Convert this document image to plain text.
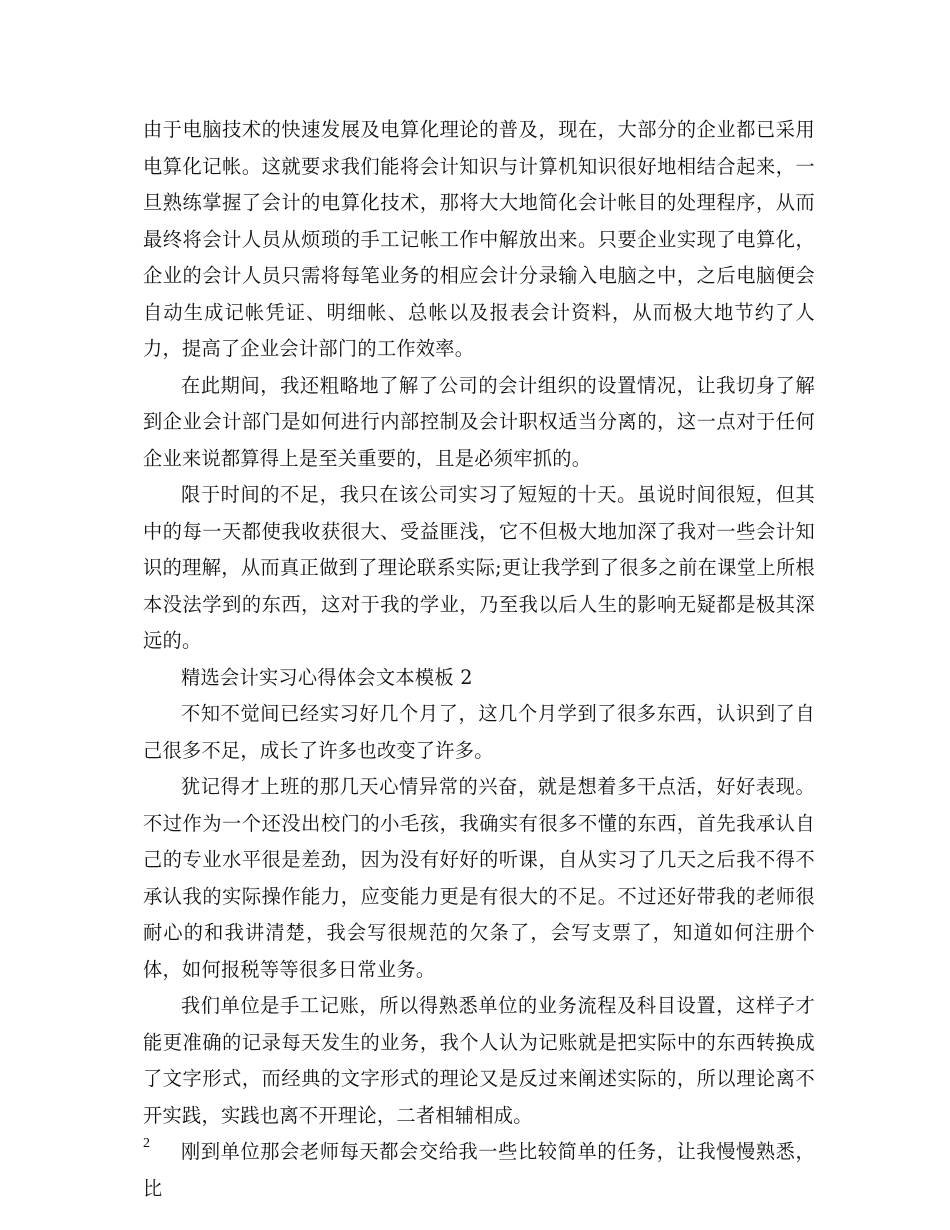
由于电脑技术的快速发展及电算化理论的普及，现在，大部分的企业都已采用电算化记帐。这就要求我们能将会计知识与计算机知识很好地相结合起来，一旦熟练掌握了会计的电算化技术，那将大大地简化会计帐目的处理程序，从而最终将会计人员从烦琐的手工记帐工作中解放出来。只要企业实现了电算化，企业的会计人员只需将每笔业务的相应会计分录输入电脑之中，之后电脑便会自动生成记帐凭证、明细帐、总帐以及报表会计资料，从而极大地节约了人力，提高了企业会计部门的工作效率。

在此期间，我还粗略地了解了公司的会计组织的设置情况，让我切身了解到企业会计部门是如何进行内部控制及会计职权适当分离的，这一点对于任何企业来说都算得上是至关重要的，且是必须牢抓的。

限于时间的不足，我只在该公司实习了短短的十天。虽说时间很短，但其中的每一天都使我收获很大、受益匪浅，它不但极大地加深了我对一些会计知识的理解，从而真正做到了理论联系实际;更让我学到了很多之前在课堂上所根本没法学到的东西，这对于我的学业，乃至我以后人生的影响无疑都是极其深远的。

精选会计实习心得体会文本模板 2

不知不觉间已经实习好几个月了，这几个月学到了很多东西，认识到了自己很多不足，成长了许多也改变了许多。

犹记得才上班的那几天心情异常的兴奋，就是想着多干点活，好好表现。不过作为一个还没出校门的小毛孩，我确实有很多不懂的东西，首先我承认自己的专业水平很是差劲，因为没有好好的听课，自从实习了几天之后我不得不承认我的实际操作能力，应变能力更是有很大的不足。不过还好带我的老师很耐心的和我讲清楚，我会写很规范的欠条了，会写支票了，知道如何注册个体，如何报税等等很多日常业务。

我们单位是手工记账，所以得熟悉单位的业务流程及科目设置，这样子才能更准确的记录每天发生的业务，我个人认为记账就是把实际中的东西转换成了文字形式，而经典的文字形式的理论又是反过来阐述实际的，所以理论离不开实践，实践也离不开理论，二者相辅相成。

刚到单位那会老师每天都会交给我一些比较简单的任务，让我慢慢熟悉，比

2
